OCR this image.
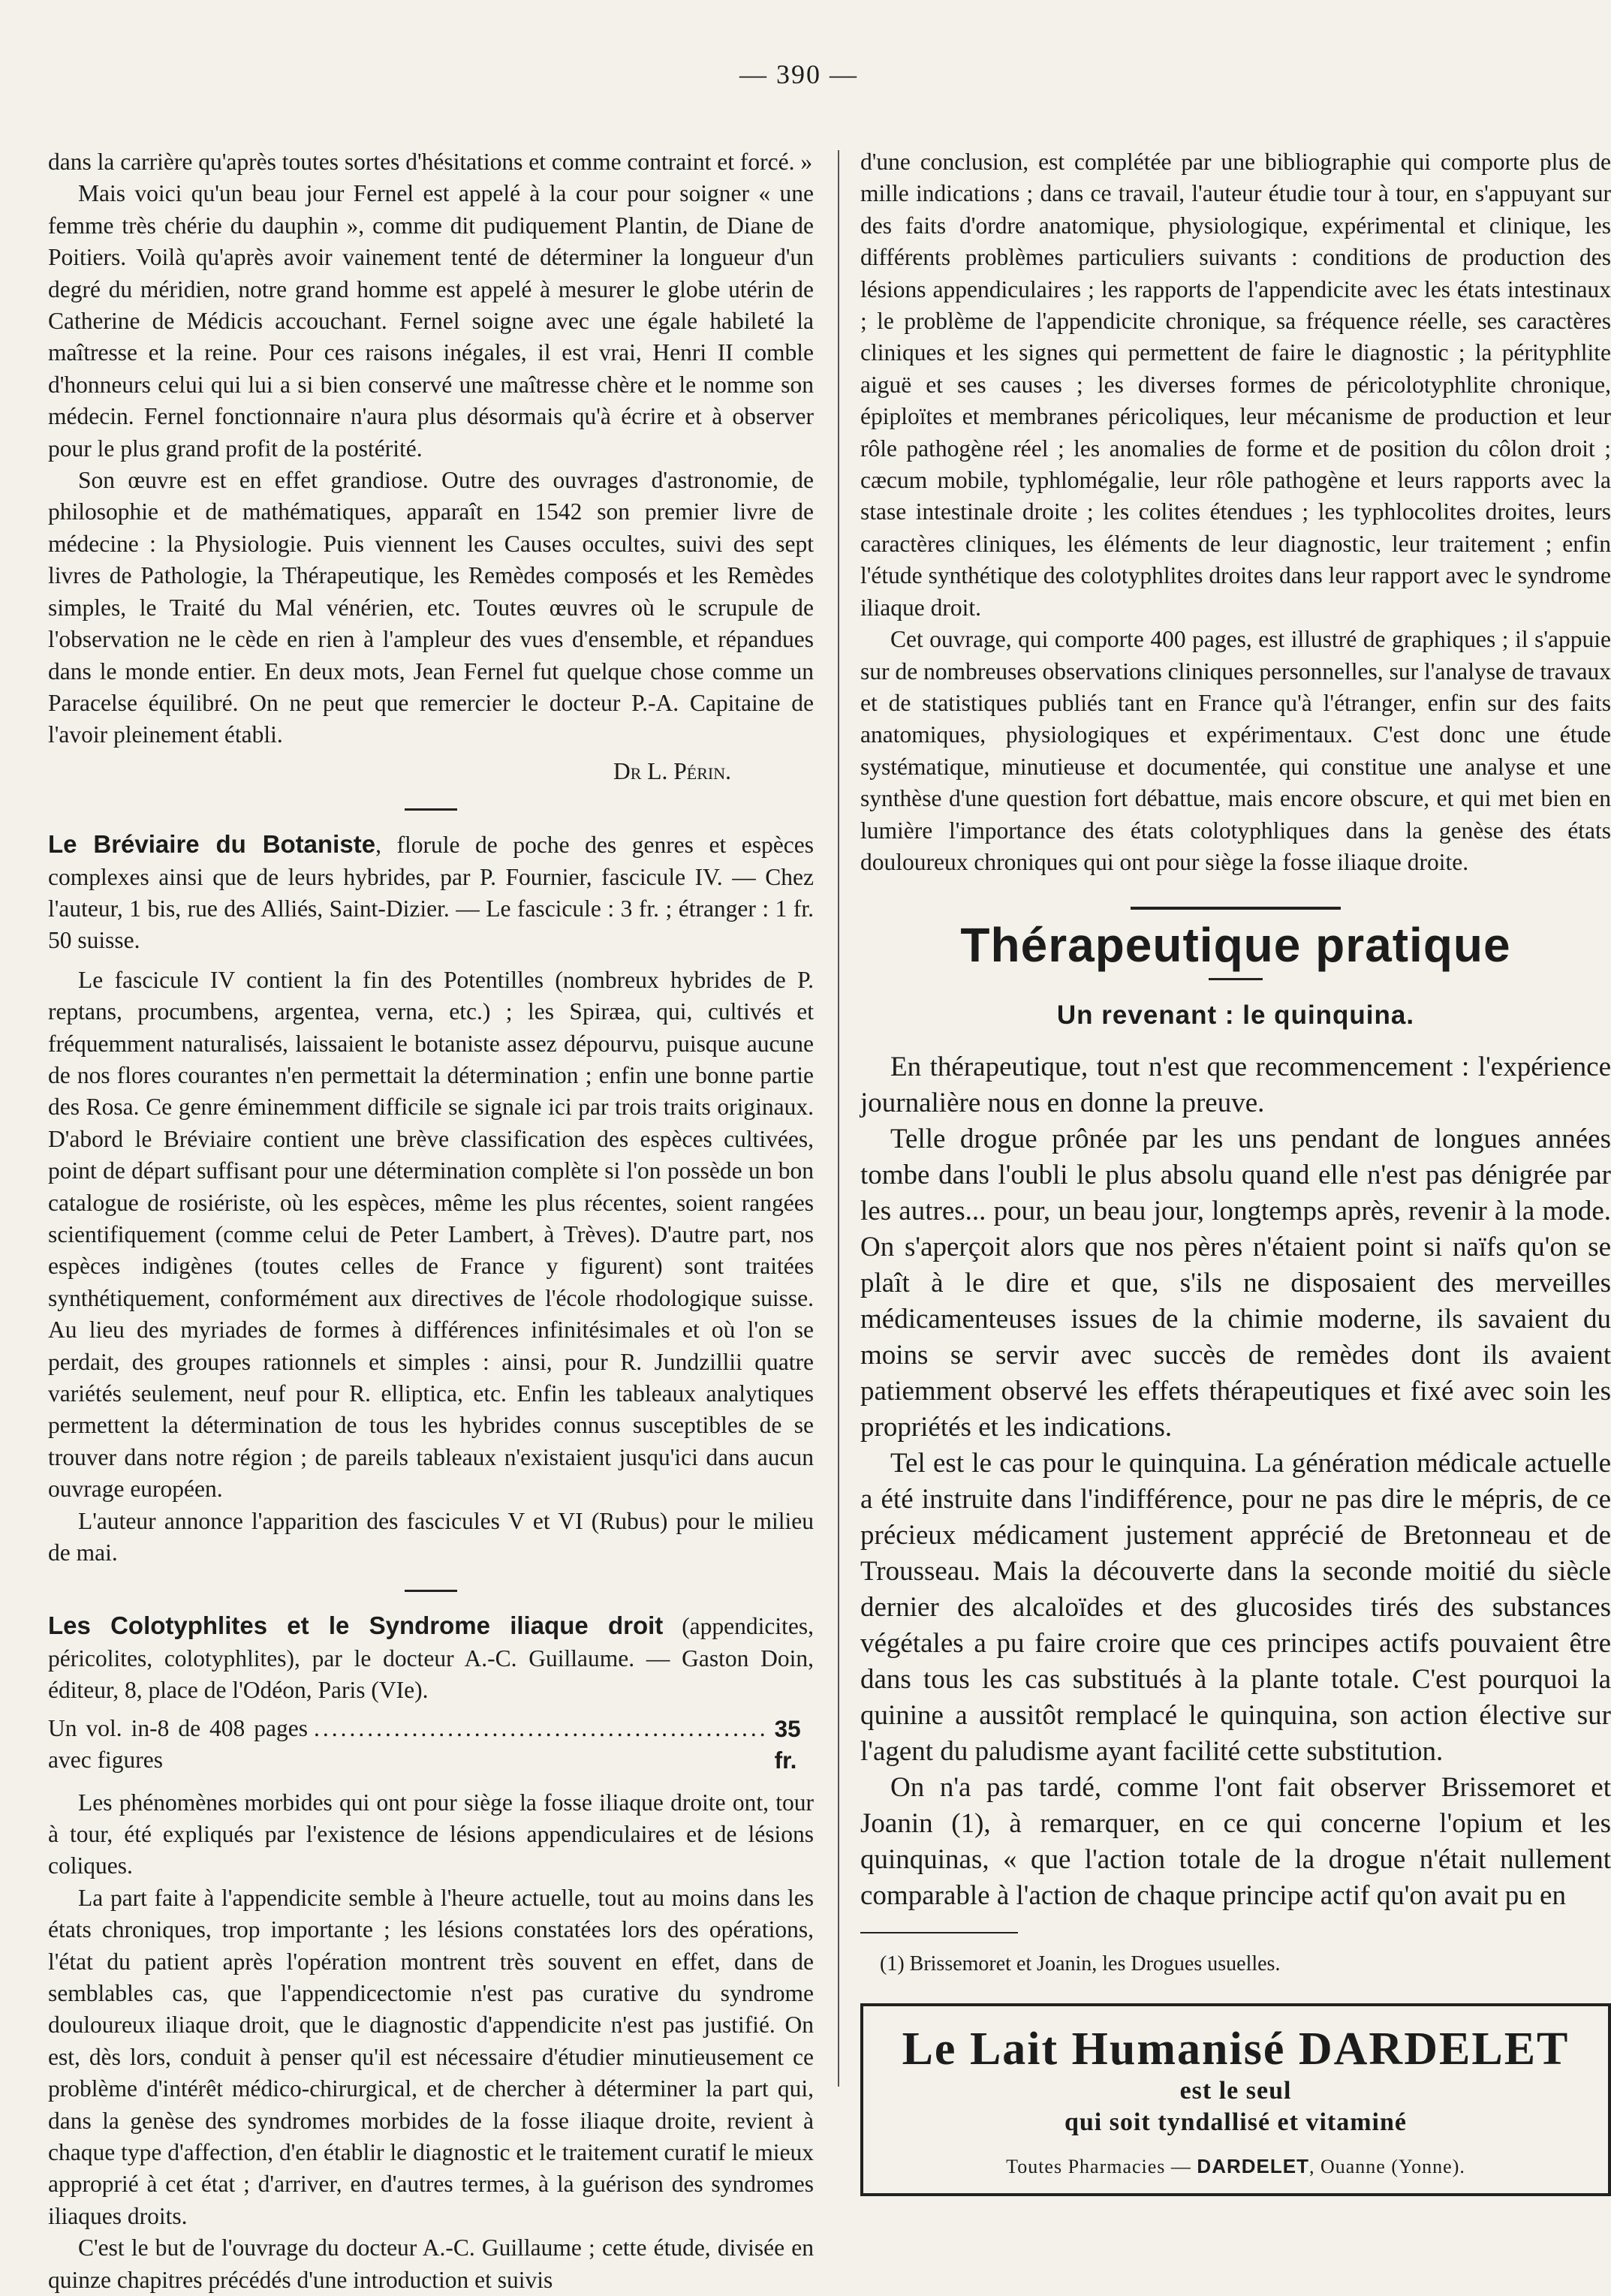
— 390 —

dans la carrière qu'après toutes sortes d'hésitations et comme contraint et forcé. »

Mais voici qu'un beau jour Fernel est appelé à la cour pour soigner « une femme très chérie du dauphin », comme dit pudiquement Plantin, de Diane de Poitiers. Voilà qu'après avoir vainement tenté de déterminer la longueur d'un degré du méridien, notre grand homme est appelé à mesurer le globe utérin de Catherine de Médicis accouchant. Fernel soigne avec une égale habileté la maîtresse et la reine. Pour ces raisons inégales, il est vrai, Henri II comble d'honneurs celui qui lui a si bien conservé une maîtresse chère et le nomme son médecin. Fernel fonctionnaire n'aura plus désormais qu'à écrire et à observer pour le plus grand profit de la postérité.

Son œuvre est en effet grandiose. Outre des ouvrages d'astronomie, de philosophie et de mathématiques, apparaît en 1542 son premier livre de médecine : la Physiologie. Puis viennent les Causes occultes, suivi des sept livres de Pathologie, la Thérapeutique, les Remèdes composés et les Remèdes simples, le Traité du Mal vénérien, etc. Toutes œuvres où le scrupule de l'observation ne le cède en rien à l'ampleur des vues d'ensemble, et répandues dans le monde entier. En deux mots, Jean Fernel fut quelque chose comme un Paracelse équilibré. On ne peut que remercier le docteur P.-A. Capitaine de l'avoir pleinement établi.

Dr L. Périn.

Le Bréviaire du Botaniste, florule de poche des genres et espèces complexes ainsi que de leurs hybrides, par P. Fournier, fascicule IV. — Chez l'auteur, 1 bis, rue des Alliés, Saint-Dizier. — Le fascicule : 3 fr. ; étranger : 1 fr. 50 suisse.

Le fascicule IV contient la fin des Potentilles (nombreux hybrides de P. reptans, procumbens, argentea, verna, etc.) ; les Spiræa, qui, cultivés et fréquemment naturalisés, laissaient le botaniste assez dépourvu, puisque aucune de nos flores courantes n'en permettait la détermination ; enfin une bonne partie des Rosa. Ce genre éminemment difficile se signale ici par trois traits originaux. D'abord le Bréviaire contient une brève classification des espèces cultivées, point de départ suffisant pour une détermination complète si l'on possède un bon catalogue de rosiériste, où les espèces, même les plus récentes, soient rangées scientifiquement (comme celui de Peter Lambert, à Trèves). D'autre part, nos espèces indigènes (toutes celles de France y figurent) sont traitées synthétiquement, conformément aux directives de l'école rhodologique suisse. Au lieu des myriades de formes à différences infinitésimales et où l'on se perdait, des groupes rationnels et simples : ainsi, pour R. Jundzillii quatre variétés seulement, neuf pour R. elliptica, etc. Enfin les tableaux analytiques permettent la détermination de tous les hybrides connus susceptibles de se trouver dans notre région ; de pareils tableaux n'existaient jusqu'ici dans aucun ouvrage européen.

L'auteur annonce l'apparition des fascicules V et VI (Rubus) pour le milieu de mai.

Les Colotyphlites et le Syndrome iliaque droit (appendicites, péricolites, colotyphlites), par le docteur A.-C. Guillaume. — Gaston Doin, éditeur, 8, place de l'Odéon, Paris (VIe).

Un vol. in-8 de 408 pages avec figures
................................................... 35 fr.

Les phénomènes morbides qui ont pour siège la fosse iliaque droite ont, tour à tour, été expliqués par l'existence de lésions appendiculaires et de lésions coliques.

La part faite à l'appendicite semble à l'heure actuelle, tout au moins dans les états chroniques, trop importante ; les lésions constatées lors des opérations, l'état du patient après l'opération montrent très souvent en effet, dans de semblables cas, que l'appendicectomie n'est pas curative du syndrome douloureux iliaque droit, que le diagnostic d'appendicite n'est pas justifié. On est, dès lors, conduit à penser qu'il est nécessaire d'étudier minutieusement ce problème d'intérêt médico-chirurgical, et de chercher à déterminer la part qui, dans la genèse des syndromes morbides de la fosse iliaque droite, revient à chaque type d'affection, d'en établir le diagnostic et le traitement curatif le mieux approprié à cet état ; d'arriver, en d'autres termes, à la guérison des syndromes iliaques droits.

C'est le but de l'ouvrage du docteur A.-C. Guillaume ; cette étude, divisée en quinze chapitres précédés d'une introduction et suivis

d'une conclusion, est complétée par une bibliographie qui comporte plus de mille indications ; dans ce travail, l'auteur étudie tour à tour, en s'appuyant sur des faits d'ordre anatomique, physiologique, expérimental et clinique, les différents problèmes particuliers suivants : conditions de production des lésions appendiculaires ; les rapports de l'appendicite avec les états intestinaux ; le problème de l'appendicite chronique, sa fréquence réelle, ses caractères cliniques et les signes qui permettent de faire le diagnostic ; la pérityphlite aiguë et ses causes ; les diverses formes de péricolotyphlite chronique, épiploïtes et membranes péricoliques, leur mécanisme de production et leur rôle pathogène réel ; les anomalies de forme et de position du côlon droit ; cæcum mobile, typhlomégalie, leur rôle pathogène et leurs rapports avec la stase intestinale droite ; les colites étendues ; les typhlocolites droites, leurs caractères cliniques, les éléments de leur diagnostic, leur traitement ; enfin l'étude synthétique des colotyphlites droites dans leur rapport avec le syndrome iliaque droit.

Cet ouvrage, qui comporte 400 pages, est illustré de graphiques ; il s'appuie sur de nombreuses observations cliniques personnelles, sur l'analyse de travaux et de statistiques publiés tant en France qu'à l'étranger, enfin sur des faits anatomiques, physiologiques et expérimentaux. C'est donc une étude systématique, minutieuse et documentée, qui constitue une analyse et une synthèse d'une question fort débattue, mais encore obscure, et qui met bien en lumière l'importance des états colotyphliques dans la genèse des états douloureux chroniques qui ont pour siège la fosse iliaque droite.

Thérapeutique pratique
Un revenant : le quinquina.

En thérapeutique, tout n'est que recommencement : l'expérience journalière nous en donne la preuve.

Telle drogue prônée par les uns pendant de longues années tombe dans l'oubli le plus absolu quand elle n'est pas dénigrée par les autres... pour, un beau jour, longtemps après, revenir à la mode. On s'aperçoit alors que nos pères n'étaient point si naïfs qu'on se plaît à le dire et que, s'ils ne disposaient des merveilles médicamenteuses issues de la chimie moderne, ils savaient du moins se servir avec succès de remèdes dont ils avaient patiemment observé les effets thérapeutiques et fixé avec soin les propriétés et les indications.

Tel est le cas pour le quinquina. La génération médicale actuelle a été instruite dans l'indifférence, pour ne pas dire le mépris, de ce précieux médicament justement apprécié de Bretonneau et de Trousseau. Mais la découverte dans la seconde moitié du siècle dernier des alcaloïdes et des glucosides tirés des substances végétales a pu faire croire que ces principes actifs pouvaient être dans tous les cas substitués à la plante totale. C'est pourquoi la quinine a aussitôt remplacé le quinquina, son action élective sur l'agent du paludisme ayant facilité cette substitution.

On n'a pas tardé, comme l'ont fait observer Brissemoret et Joanin (1), à remarquer, en ce qui concerne l'opium et les quinquinas, « que l'action totale de la drogue n'était nullement comparable à l'action de chaque principe actif qu'on avait pu en

(1) Brissemoret et Joanin, les Drogues usuelles.

Le Lait Humanisé DARDELET
est le seul
qui soit tyndallisé et vitaminé
Toutes Pharmacies — DARDELET, Ouanne (Yonne).
